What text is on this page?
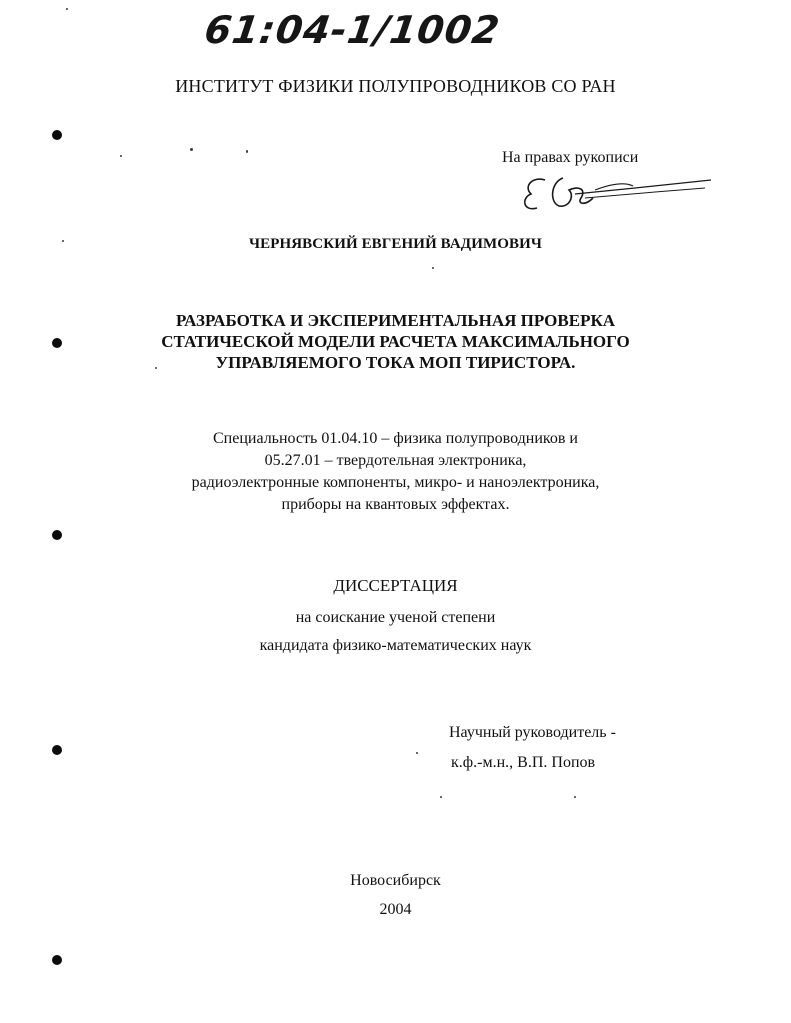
61:04-1/1002
ИНСТИТУТ ФИЗИКИ ПОЛУПРОВОДНИКОВ СО РАН
На правах рукописи
ЧЕРНЯВСКИЙ ЕВГЕНИЙ ВАДИМОВИЧ
РАЗРАБОТКА И ЭКСПЕРИМЕНТАЛЬНАЯ ПРОВЕРКА
СТАТИЧЕСКОЙ МОДЕЛИ РАСЧЕТА МАКСИМАЛЬНОГО
УПРАВЛЯЕМОГО ТОКА МОП ТИРИСТОРА.
Специальность 01.04.10 – физика полупроводников и
05.27.01 – твердотельная электроника,
радиоэлектронные компоненты, микро- и наноэлектроника,
приборы на квантовых эффектах.
ДИССЕРТАЦИЯ
на соискание ученой степени
кандидата физико-математических наук
Научный руководитель -
к.ф.-м.н., В.П. Попов
Новосибирск
2004
